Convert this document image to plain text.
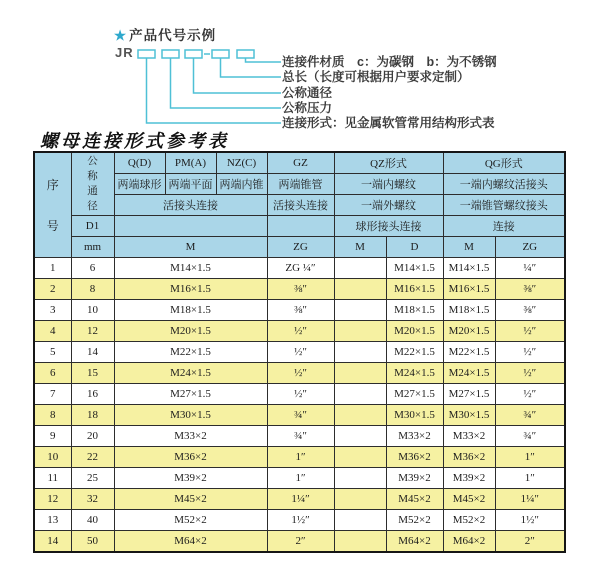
★ 产品代号示例
JR
连接件材质　c：为碳钢　b：为不锈钢
总长（长度可根据用户要求定制）
公称通径
公称压力
连接形式：见金属软管常用结构形式表
螺母连接形式参考表
序
号	公
称
通
径	Q(D)	PM(A)	NZ(C)	GZ	QZ形式		QG形式	
		两端球形	两端平面	两端内锥	两端锥管	一端内螺纹		一端内螺纹活接头	
		活接头连接			活接头连接	一端外螺纹		一端锥管螺纹接头	
	D1					球形接头连接		连接	
	mm	M			ZG	M	D	M	ZG
1	6	M14×1.5			ZG ¼″		M14×1.5	M14×1.5	¼″
2	8	M16×1.5			⅜″		M16×1.5	M16×1.5	⅜″
3	10	M18×1.5			⅜″		M18×1.5	M18×1.5	⅜″
4	12	M20×1.5			½″		M20×1.5	M20×1.5	½″
5	14	M22×1.5			½″		M22×1.5	M22×1.5	½″
6	15	M24×1.5			½″		M24×1.5	M24×1.5	½″
7	16	M27×1.5			½″		M27×1.5	M27×1.5	½″
8	18	M30×1.5			¾″		M30×1.5	M30×1.5	¾″
9	20	M33×2			¾″		M33×2	M33×2	¾″
10	22	M36×2			1″		M36×2	M36×2	1″
11	25	M39×2			1″		M39×2	M39×2	1″
12	32	M45×2			1¼″		M45×2	M45×2	1¼″
13	40	M52×2			1½″		M52×2	M52×2	1½″
14	50	M64×2			2″		M64×2	M64×2	2″
